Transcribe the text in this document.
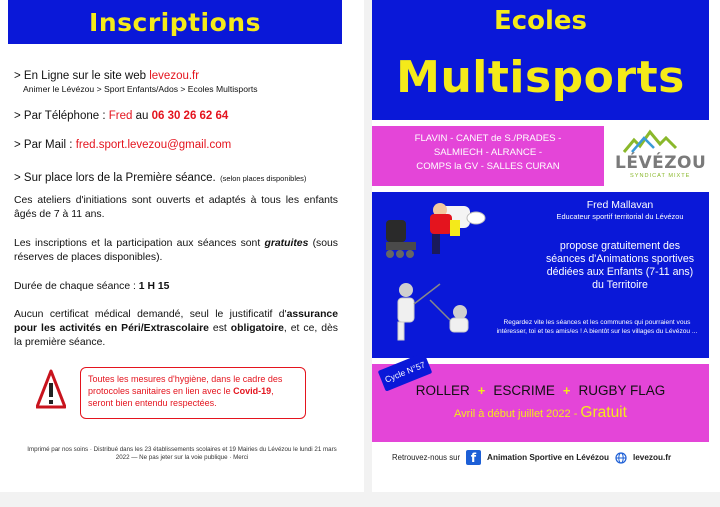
Inscriptions
> En Ligne sur le site web levezou.fr
Animer le Lévézou > Sport Enfants/Ados > Ecoles Multisports
> Par Téléphone : Fred au 06 30 26 62 64
> Par Mail : fred.sport.levezou@gmail.com
> Sur place lors de la Première séance. (selon places disponibles)
Ces ateliers d'initiations sont ouverts et adaptés à tous les enfants âgés de 7 à 11 ans.
Les inscriptions et la participation aux séances sont gratuites (sous réserves de places disponibles).
Durée de chaque séance : 1 H 15
Aucun certificat médical demandé, seul le justificatif d'assurance pour les activités en Péri/Extrascolaire est obligatoire, et ce, dès la première séance.
Toutes les mesures d'hygiène, dans le cadre des protocoles sanitaires en lien avec le Covid-19, seront bien entendu respectées.
Imprimé par nos soins · Distribué dans les 23 établissements scolaires et 19 Mairies du Lévézou le lundi 21 mars 2022 — Ne pas jeter sur la voie publique · Merci
Ecoles
Multisports
FLAVIN - CANET de S./PRADES -
SALMIECH - ALRANCE -
COMPS la GV - SALLES CURAN	LÉVÉZOU
SYNDICAT MIXTE
Fred Mallavan
Educateur sportif territorial du Lévézou
propose gratuitement des séances d'Animations sportives dédiées aux Enfants (7-11 ans) du Territoire
Regardez vite les séances et les communes qui pourraient vous intéresser, toi et tes amis/es ! A bientôt sur les villages du Lévézou ...
Cycle N°57
ROLLER + ESCRIME + RUGBY FLAG
Avril à début juillet 2022 - Gratuit
Retrouvez-nous sur f	Animation Sportive en Lévézou	levezou.fr
